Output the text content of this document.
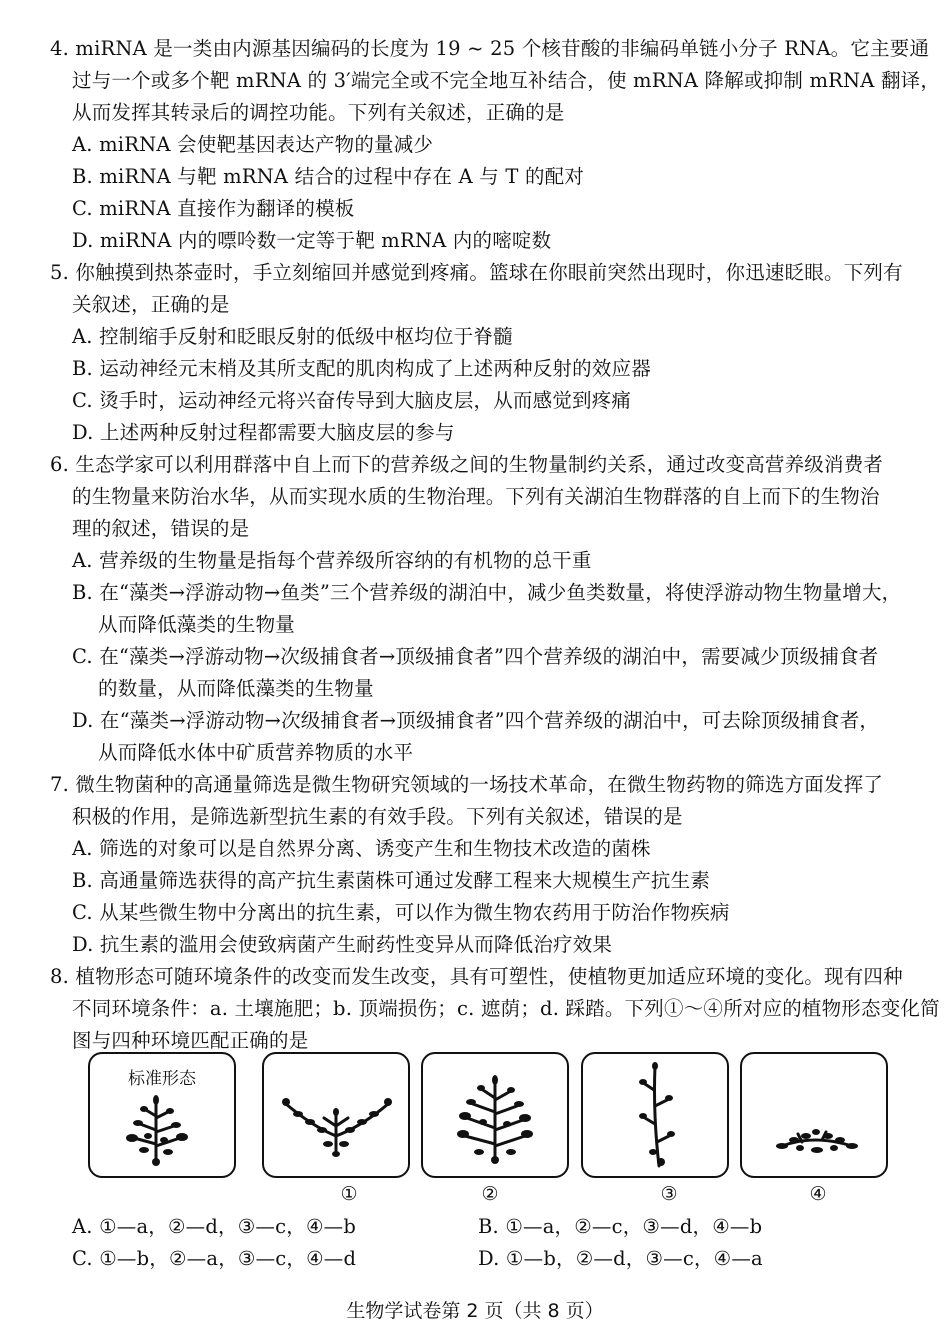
4. miRNA 是一类由内源基因编码的长度为 19 ~ 25 个核苷酸的非编码单链小分子 RNA。它主要通
过与一个或多个靶 mRNA 的 3′端完全或不完全地互补结合，使 mRNA 降解或抑制 mRNA 翻译，
从而发挥其转录后的调控功能。下列有关叙述，正确的是
A. miRNA 会使靶基因表达产物的量减少
B. miRNA 与靶 mRNA 结合的过程中存在 A 与 T 的配对
C. miRNA 直接作为翻译的模板
D. miRNA 内的嘌呤数一定等于靶 mRNA 内的嘧啶数
5. 你触摸到热茶壶时，手立刻缩回并感觉到疼痛。篮球在你眼前突然出现时，你迅速眨眼。下列有
关叙述，正确的是
A. 控制缩手反射和眨眼反射的低级中枢均位于脊髓
B. 运动神经元末梢及其所支配的肌肉构成了上述两种反射的效应器
C. 烫手时，运动神经元将兴奋传导到大脑皮层，从而感觉到疼痛
D. 上述两种反射过程都需要大脑皮层的参与
6. 生态学家可以利用群落中自上而下的营养级之间的生物量制约关系，通过改变高营养级消费者
的生物量来防治水华，从而实现水质的生物治理。下列有关湖泊生物群落的自上而下的生物治
理的叙述，错误的是
A. 营养级的生物量是指每个营养级所容纳的有机物的总干重
B. 在“藻类→浮游动物→鱼类”三个营养级的湖泊中，减少鱼类数量，将使浮游动物生物量增大，
从而降低藻类的生物量
C. 在“藻类→浮游动物→次级捕食者→顶级捕食者”四个营养级的湖泊中，需要减少顶级捕食者
的数量，从而降低藻类的生物量
D. 在“藻类→浮游动物→次级捕食者→顶级捕食者”四个营养级的湖泊中，可去除顶级捕食者，
从而降低水体中矿质营养物质的水平
7. 微生物菌种的高通量筛选是微生物研究领域的一场技术革命，在微生物药物的筛选方面发挥了
积极的作用，是筛选新型抗生素的有效手段。下列有关叙述，错误的是
A. 筛选的对象可以是自然界分离、诱变产生和生物技术改造的菌株
B. 高通量筛选获得的高产抗生素菌株可通过发酵工程来大规模生产抗生素
C. 从某些微生物中分离出的抗生素，可以作为微生物农药用于防治作物疾病
D. 抗生素的滥用会使致病菌产生耐药性变异从而降低治疗效果
8. 植物形态可随环境条件的改变而发生改变，具有可塑性，使植物更加适应环境的变化。现有四种
不同环境条件：a. 土壤施肥；b. 顶端损伤；c. 遮荫；d. 踩踏。下列①～④所对应的植物形态变化简
图与四种环境匹配正确的是
标准形态
①	②	③	④
A. ①—a，②—d，③—c，④—b	B. ①—a，②—c，③—d，④—b
C. ①—b，②—a，③—c，④—d	D. ①—b，②—d，③—c，④—a
生物学试卷第 2 页（共 8 页）
